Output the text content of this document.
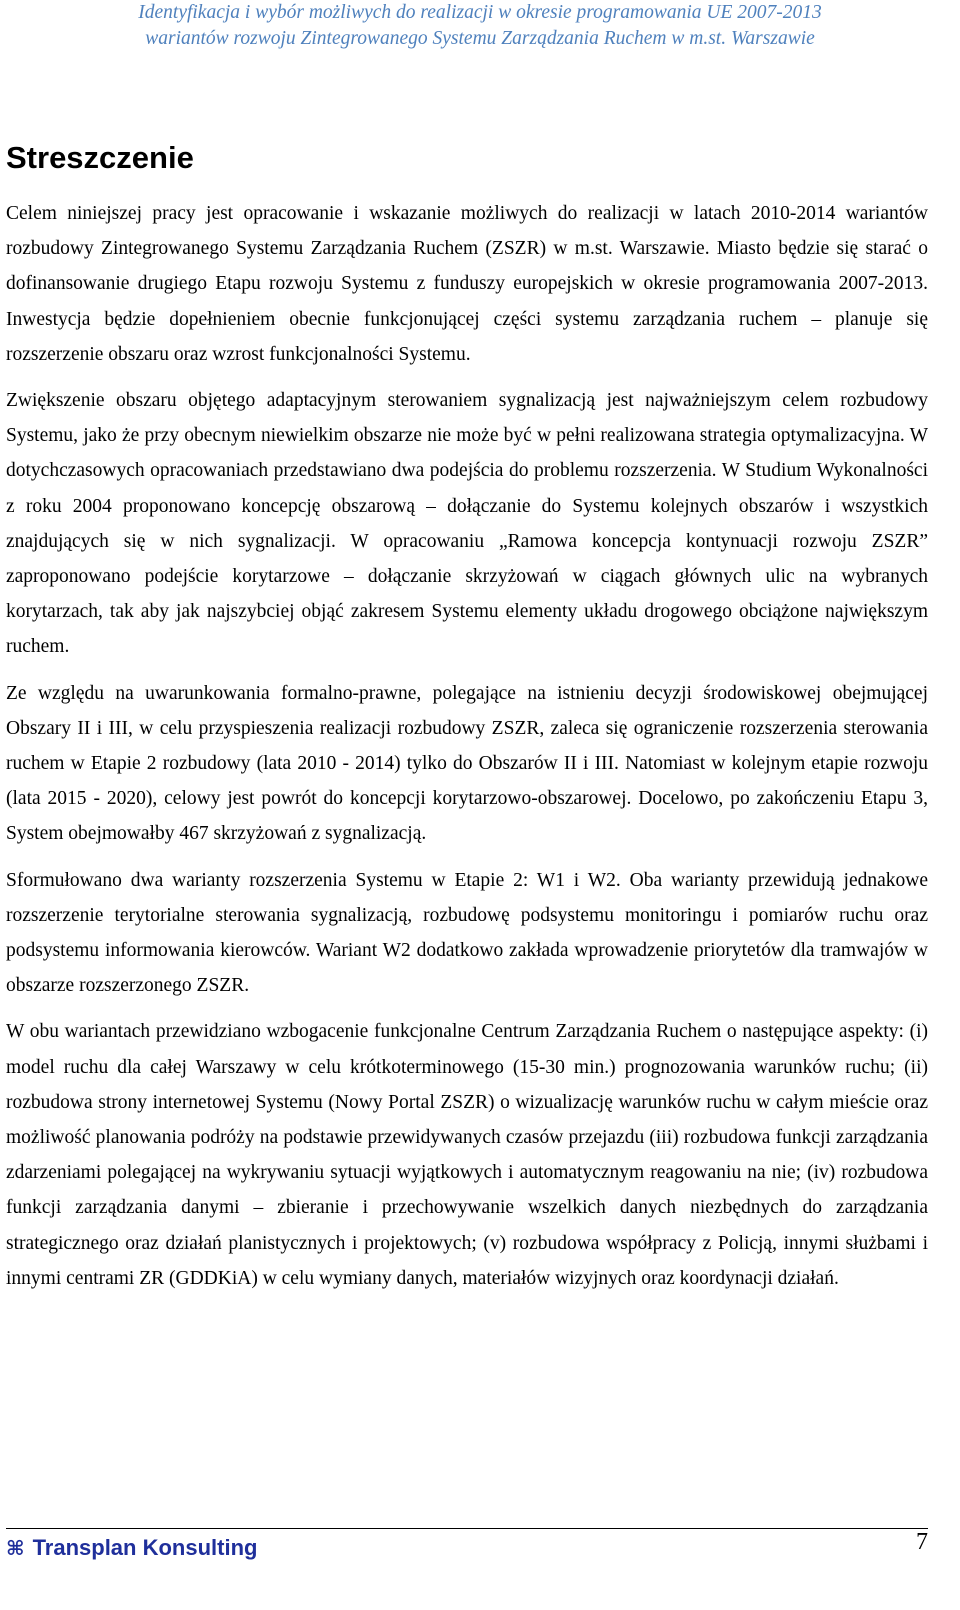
Identyfikacja i wybór możliwych do realizacji w okresie programowania UE 2007-2013
wariantów rozwoju Zintegrowanego Systemu Zarządzania Ruchem w m.st. Warszawie
Streszczenie

Celem niniejszej pracy jest opracowanie i wskazanie możliwych do realizacji w latach 2010-2014 wariantów rozbudowy Zintegrowanego Systemu Zarządzania Ruchem (ZSZR) w m.st. Warszawie. Miasto będzie się starać o dofinansowanie drugiego Etapu rozwoju Systemu z funduszy europejskich w okresie programowania 2007-2013. Inwestycja będzie dopełnieniem obecnie funkcjonującej części systemu zarządzania ruchem – planuje się rozszerzenie obszaru oraz wzrost funkcjonalności Systemu.

Zwiększenie obszaru objętego adaptacyjnym sterowaniem sygnalizacją jest najważniejszym celem rozbudowy Systemu, jako że przy obecnym niewielkim obszarze nie może być w pełni realizowana strategia optymalizacyjna. W dotychczasowych opracowaniach przedstawiano dwa podejścia do problemu rozszerzenia. W Studium Wykonalności z roku 2004 proponowano koncepcję obszarową – dołączanie do Systemu kolejnych obszarów i wszystkich znajdujących się w nich sygnalizacji. W opracowaniu „Ramowa koncepcja kontynuacji rozwoju ZSZR” zaproponowano podejście korytarzowe – dołączanie skrzyżowań w ciągach głównych ulic na wybranych korytarzach, tak aby jak najszybciej objąć zakresem Systemu elementy układu drogowego obciążone największym ruchem.

Ze względu na uwarunkowania formalno-prawne, polegające na istnieniu decyzji środowiskowej obejmującej Obszary II i III, w celu przyspieszenia realizacji rozbudowy ZSZR, zaleca się ograniczenie rozszerzenia sterowania ruchem w Etapie 2 rozbudowy (lata 2010 - 2014) tylko do Obszarów II i III. Natomiast w kolejnym etapie rozwoju (lata 2015 - 2020), celowy jest powrót do koncepcji korytarzowo-obszarowej. Docelowo, po zakończeniu Etapu 3, System obejmowałby 467 skrzyżowań z sygnalizacją.

Sformułowano dwa warianty rozszerzenia Systemu w Etapie 2: W1 i W2. Oba warianty przewidują jednakowe rozszerzenie terytorialne sterowania sygnalizacją, rozbudowę podsystemu monitoringu i pomiarów ruchu oraz podsystemu informowania kierowców. Wariant W2 dodatkowo zakłada wprowadzenie priorytetów dla tramwajów w obszarze rozszerzonego ZSZR.

W obu wariantach przewidziano wzbogacenie funkcjonalne Centrum Zarządzania Ruchem o następujące aspekty: (i) model ruchu dla całej Warszawy w celu krótkoterminowego (15-30 min.) prognozowania warunków ruchu; (ii) rozbudowa strony internetowej Systemu (Nowy Portal ZSZR) o wizualizację warunków ruchu w całym mieście oraz możliwość planowania podróży na podstawie przewidywanych czasów przejazdu (iii) rozbudowa funkcji zarządzania zdarzeniami polegającej na wykrywaniu sytuacji wyjątkowych i automatycznym reagowaniu na nie; (iv) rozbudowa funkcji zarządzania danymi – zbieranie i przechowywanie wszelkich danych niezbędnych do zarządzania strategicznego oraz działań planistycznych i projektowych; (v) rozbudowa współpracy z Policją, innymi służbami i innymi centrami ZR (GDDKiA) w celu wymiany danych, materiałów wizyjnych oraz koordynacji działań.

⌘ Transplan Konsulting	7
